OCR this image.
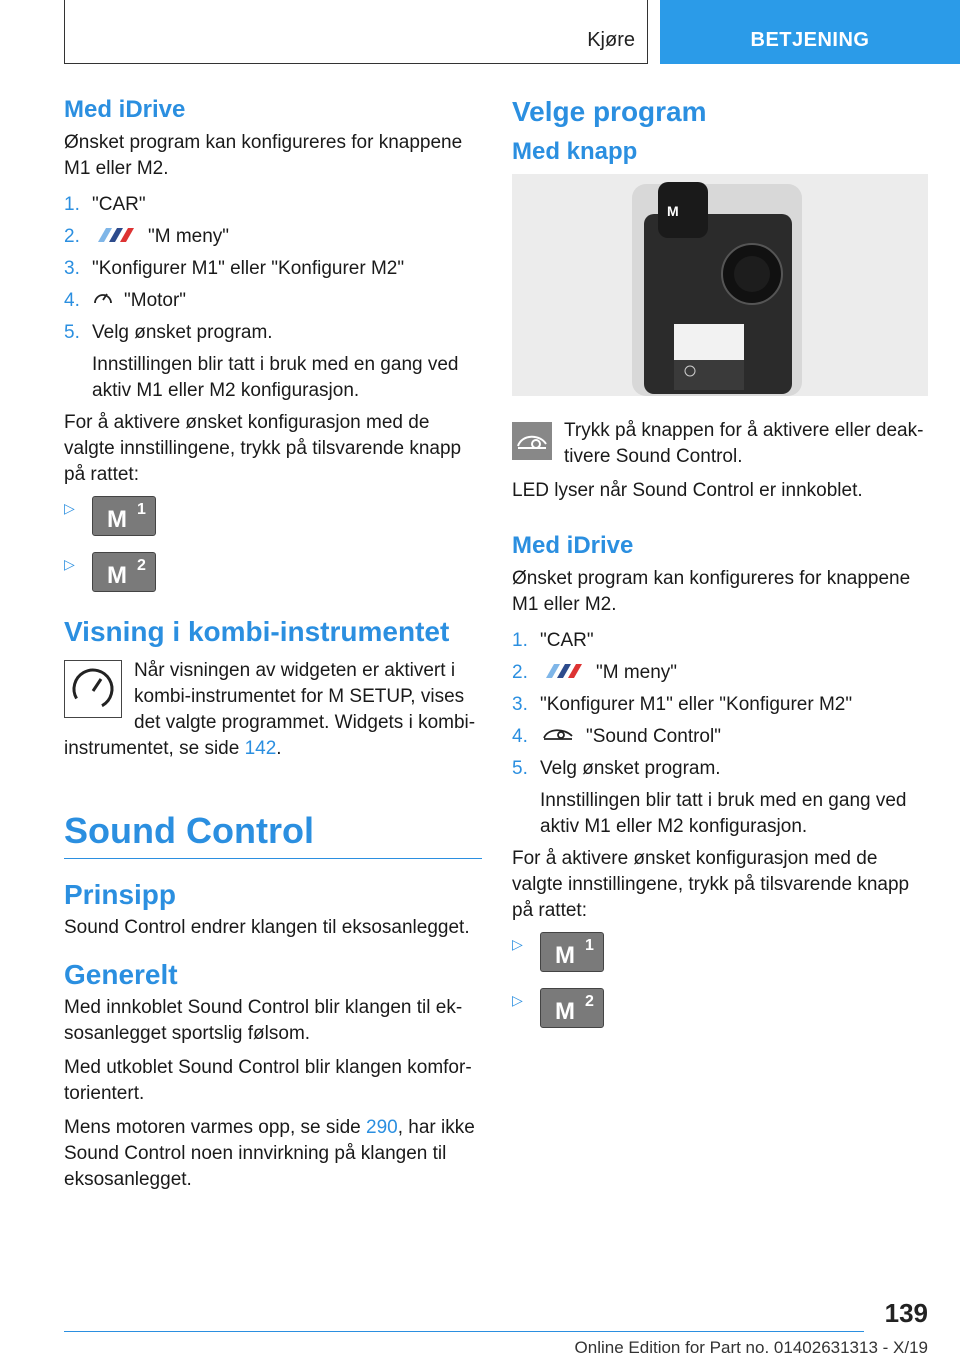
Kjøre	BETJENING
Med iDrive

Ønsket program kan konfigureres for knappene M1 eller M2.

1. "CAR"
2.	"M meny"
3. "Konfigurer M1" eller "Konfigurer M2"
4. "Motor"
5. Velg ønsket program.
Innstillingen blir tatt i bruk med en gang ved aktiv M1 eller M2 konfigurasjon.

For å aktivere ønsket konfigurasjon med de valgte innstillingene, trykk på tilsvarende knapp på rattet:

▷ M 1
▷ M 2
Visning i kombi-instrumentet

Når visningen av widgeten er aktivert i kombi-instrumentet for M SETUP, vises det valgte programmet. Widgets i kombi-instrumentet, se side 142.

Sound Control
Prinsipp

Sound Control endrer klangen til eksosanlegget.

Generelt

Med innkoblet Sound Control blir klangen til eksosanlegget sportslig følsom.

Med utkoblet Sound Control blir klangen komfortorientert.

Mens motoren varmes opp, se side 290, har ikke Sound Control noen innvirkning på klangen til eksosanlegget.

Velge program
Med knapp
M

Trykk på knappen for å aktivere eller deaktivere Sound Control.

LED lyser når Sound Control er innkoblet.

Med iDrive

Ønsket program kan konfigureres for knappene M1 eller M2.

1. "CAR"
2.	"M meny"
3. "Konfigurer M1" eller "Konfigurer M2"
4.	"Sound Control"
5. Velg ønsket program.
Innstillingen blir tatt i bruk med en gang ved aktiv M1 eller M2 konfigurasjon.

For å aktivere ønsket konfigurasjon med de valgte innstillingene, trykk på tilsvarende knapp på rattet:

▷ M 1
▷ M 2
139
Online Edition for Part no. 01402631313 - X/19
